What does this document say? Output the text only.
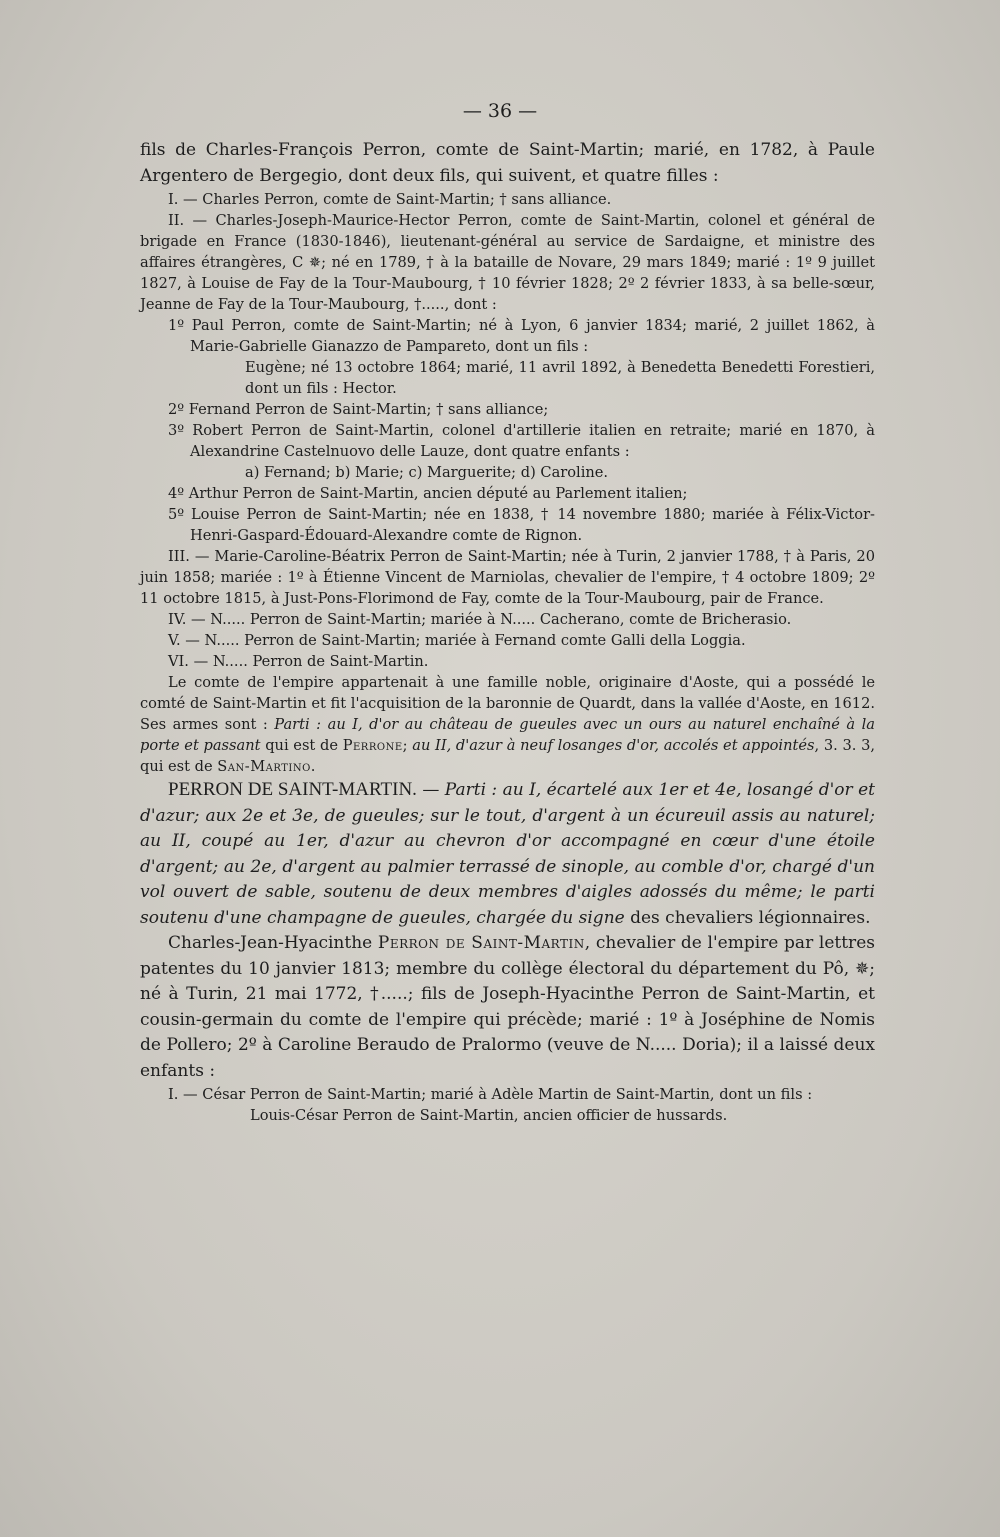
— 36 —

fils de Charles-François Perron, comte de Saint-Martin; marié, en 1782, à Paule Argentero de Bergegio, dont deux fils, qui suivent, et quatre filles :

I. — Charles Perron, comte de Saint-Martin; † sans alliance.

II. — Charles-Joseph-Maurice-Hector Perron, comte de Saint-Martin, colonel et général de brigade en France (1830-1846), lieutenant-général au service de Sardaigne, et ministre des affaires étrangères, C ✵; né en 1789, † à la bataille de Novare, 29 mars 1849; marié : 1º 9 juillet 1827, à Louise de Fay de la Tour-Maubourg, † 10 février 1828; 2º 2 février 1833, à sa belle-sœur, Jeanne de Fay de la Tour-Maubourg, †....., dont :

1º Paul Perron, comte de Saint-Martin; né à Lyon, 6 janvier 1834; marié, 2 juillet 1862, à Marie-Gabrielle Gianazzo de Pampareto, dont un fils :

Eugène; né 13 octobre 1864; marié, 11 avril 1892, à Benedetta Benedetti Forestieri, dont un fils : Hector.

2º Fernand Perron de Saint-Martin; † sans alliance;

3º Robert Perron de Saint-Martin, colonel d'artillerie italien en retraite; marié en 1870, à Alexandrine Castelnuovo delle Lauze, dont quatre enfants :

a) Fernand; b) Marie; c) Marguerite; d) Caroline.

4º Arthur Perron de Saint-Martin, ancien député au Parlement italien;

5º Louise Perron de Saint-Martin; née en 1838, † 14 novembre 1880; mariée à Félix-Victor-Henri-Gaspard-Édouard-Alexandre comte de Rignon.

III. — Marie-Caroline-Béatrix Perron de Saint-Martin; née à Turin, 2 janvier 1788, † à Paris, 20 juin 1858; mariée : 1º à Étienne Vincent de Marniolas, chevalier de l'empire, † 4 octobre 1809; 2º 11 octobre 1815, à Just-Pons-Florimond de Fay, comte de la Tour-Maubourg, pair de France.

IV. — N..... Perron de Saint-Martin; mariée à N..... Cacherano, comte de Bricherasio.

V. — N..... Perron de Saint-Martin; mariée à Fernand comte Galli della Loggia.

VI. — N..... Perron de Saint-Martin.

Le comte de l'empire appartenait à une famille noble, originaire d'Aoste, qui a possédé le comté de Saint-Martin et fit l'acquisition de la baronnie de Quardt, dans la vallée d'Aoste, en 1612. Ses armes sont : Parti : au I, d'or au château de gueules avec un ours au naturel enchaîné à la porte et passant qui est de Perrone; au II, d'azur à neuf losanges d'or, accolés et appointés, 3. 3. 3, qui est de San-Martino.

PERRON DE SAINT-MARTIN. — Parti : au I, écartelé aux 1er et 4e, losangé d'or et d'azur; aux 2e et 3e, de gueules; sur le tout, d'argent à un écureuil assis au naturel; au II, coupé au 1er, d'azur au chevron d'or accompagné en cœur d'une étoile d'argent; au 2e, d'argent au palmier terrassé de sinople, au comble d'or, chargé d'un vol ouvert de sable, soutenu de deux membres d'aigles adossés du même; le parti soutenu d'une champagne de gueules, chargée du signe des chevaliers légionnaires.

Charles-Jean-Hyacinthe Perron de Saint-Martin, chevalier de l'empire par lettres patentes du 10 janvier 1813; membre du collège électoral du département du Pô, ✵; né à Turin, 21 mai 1772, †.....; fils de Joseph-Hyacinthe Perron de Saint-Martin, et cousin-germain du comte de l'empire qui précède; marié : 1º à Joséphine de Nomis de Pollero; 2º à Caroline Beraudo de Pralormo (veuve de N..... Doria); il a laissé deux enfants :

I. — César Perron de Saint-Martin; marié à Adèle Martin de Saint-Martin, dont un fils :

Louis-César Perron de Saint-Martin, ancien officier de hussards.
